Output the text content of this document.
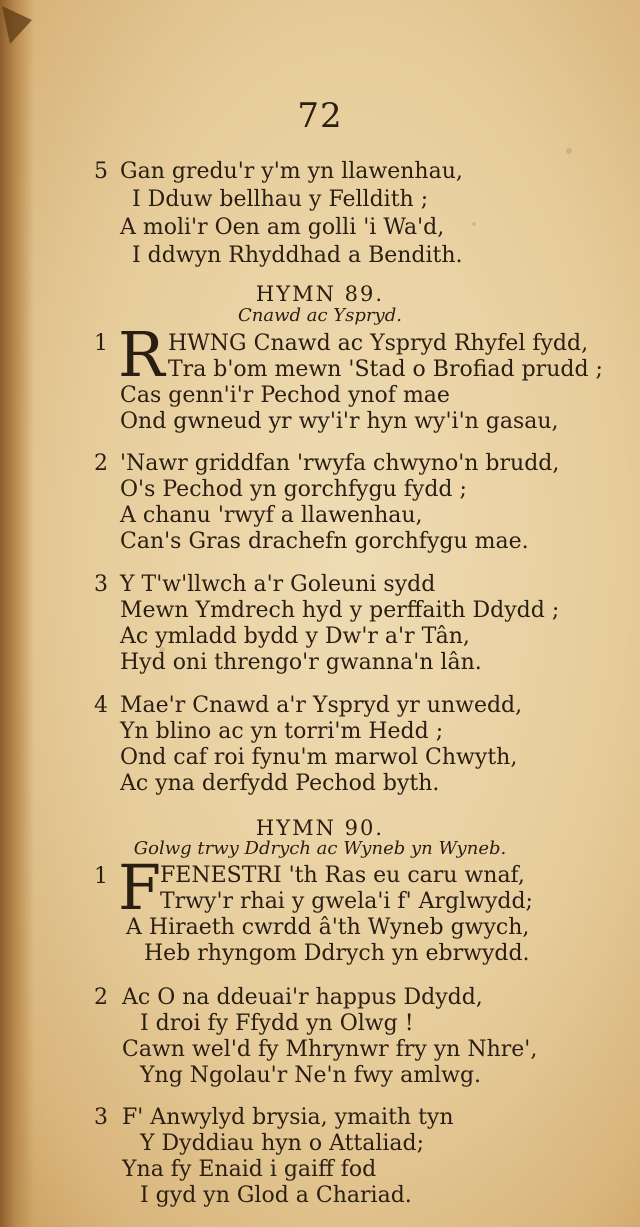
72
5 Gan gredu'r y'm yn llawenhau,
I Dduw bellhau y Felldith ;
A moli'r Oen am golli 'i Wa'd,
I ddwyn Rhyddhad a Bendith.
HYMN 89.
Cnawd ac Yspryd.
1 R HWNG Cnawd ac Yspryd Rhyfel fydd,
Tra b'om mewn 'Stad o Brofiad prudd ;
Cas genn'i'r Pechod ynof mae
Ond gwneud yr wy'i'r hyn wy'i'n gasau,
2 'Nawr griddfan 'rwyfa chwyno'n brudd,
O's Pechod yn gorchfygu fydd ;
A chanu 'rwyf a llawenhau,
Can's Gras drachefn gorchfygu mae.
3 Y T'w'llwch a'r Goleuni sydd
Mewn Ymdrech hyd y perffaith Ddydd ;
Ac ymladd bydd y Dw'r a'r Tân,
Hyd oni threngo'r gwanna'n lân.
4 Mae'r Cnawd a'r Yspryd yr unwedd,
Yn blino ac yn torri'm Hedd ;
Ond caf roi fynu'm marwol Chwyth,
Ac yna derfydd Pechod byth.
HYMN 90.
Golwg trwy Ddrych ac Wyneb yn Wyneb.
1 F
FENESTRI 'th Ras eu caru wnaf,
Trwy'r rhai y gwela'i f' Arglwydd;
A Hiraeth cwrdd â'th Wyneb gwych,
Heb rhyngom Ddrych yn ebrwydd.
2 Ac O na ddeuai'r happus Ddydd,
I droi fy Ffydd yn Olwg !
Cawn wel'd fy Mhrynwr fry yn Nhre',
Yng Ngolau'r Ne'n fwy amlwg.
3 F' Anwylyd brysia, ymaith tyn
Y Dyddiau hyn o Attaliad;
Yna fy Enaid i gaiff fod
I gyd yn Glod a Chariad.
